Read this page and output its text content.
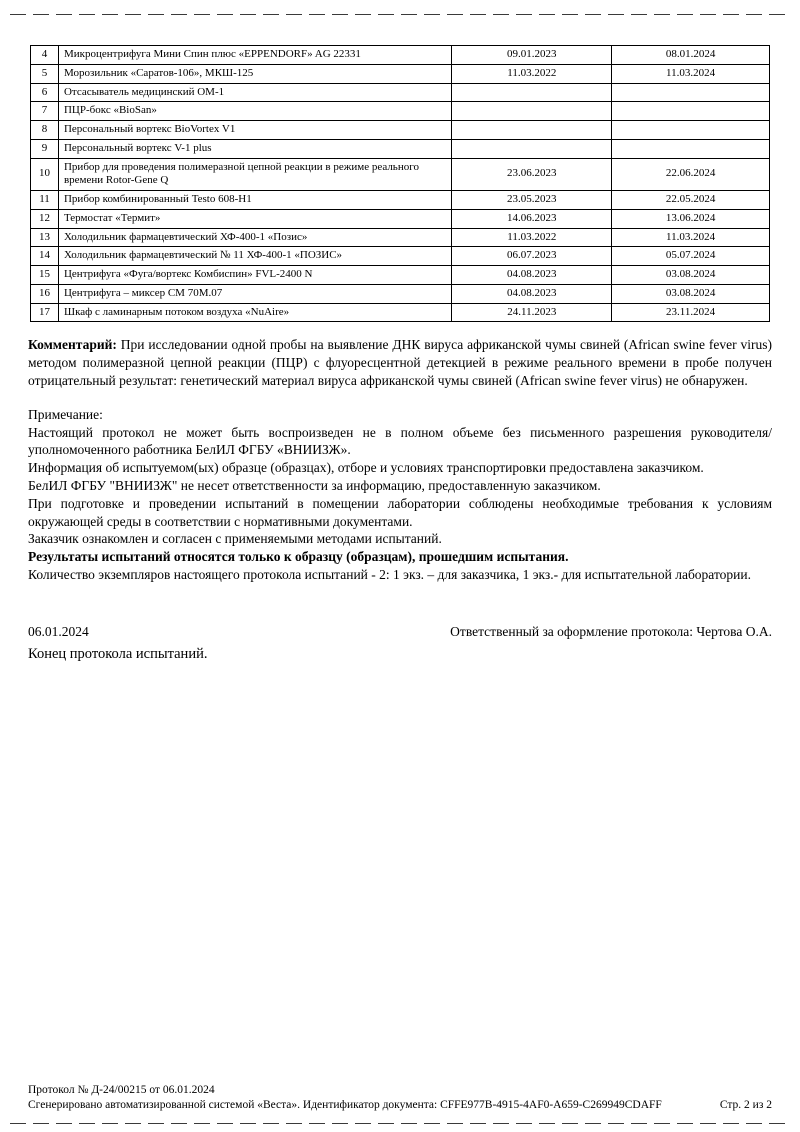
4	Микроцентрифуга Мини Спин плюс «EPPENDORF» AG 22331	09.01.2023	08.01.2024
5	Морозильник «Саратов-106», МКШ-125	11.03.2022	11.03.2024
6	Отсасыватель медицинский ОМ-1		
7	ПЦР-бокс «BioSan»		
8	Персональный вортекс BioVortex V1		
9	Персональный вортекс V-1 plus		
10	Прибор для проведения полимеразной цепной реакции в режиме реального времени Rotor-Gene Q	23.06.2023	22.06.2024
11	Прибор комбинированный Testo 608-H1	23.05.2023	22.05.2024
12	Термостат «Термит»	14.06.2023	13.06.2024
13	Холодильник фармацевтический ХФ-400-1 «Позис»	11.03.2022	11.03.2024
14	Холодильник фармацевтический № 11 ХФ-400-1 «ПОЗИС»	06.07.2023	05.07.2024
15	Центрифуга «Фуга/вортекс Комбиспин» FVL-2400 N	04.08.2023	03.08.2024
16	Центрифуга – миксер СМ 70М.07	04.08.2023	03.08.2024
17	Шкаф с ламинарным потоком воздуха «NuAire»	24.11.2023	23.11.2024

Комментарий: При исследовании одной пробы на выявление ДНК вируса африканской чумы свиней (African swine fever virus) методом полимеразной цепной реакции (ПЦР) с флуоресцентной детекцией в режиме реального времени в пробе получен отрицательный результат: генетический материал вируса африканской чумы свиней (African swine fever virus) не обнаружен.

Примечание:
Настоящий протокол не может быть воспроизведен не в полном объеме без письменного разрешения руководителя/уполномоченного работника БелИЛ ФГБУ «ВНИИЗЖ».
Информация об испытуемом(ых) образце (образцах), отборе и условиях транспортировки предоставлена заказчиком.
БелИЛ ФГБУ "ВНИИЗЖ" не несет ответственности за информацию, предоставленную заказчиком.
При подготовке и проведении испытаний в помещении лаборатории соблюдены необходимые требования к условиям окружающей среды в соответствии с нормативными документами.
Заказчик ознакомлен и согласен с применяемыми методами испытаний.
Результаты испытаний относятся только к образцу (образцам), прошедшим испытания.
Количество экземпляров настоящего протокола испытаний - 2: 1 экз. – для заказчика, 1 экз.- для испытательной лаборатории.
06.01.2024	Ответственный за оформление протокола: Чертова О.А.
Конец протокола испытаний.
Протокол № Д-24/00215 от 06.01.2024
Сгенерировано автоматизированной системой «Веста». Идентификатор документа: CFFE977B-4915-4AF0-A659-C269949CDAFF	Стр. 2 из 2
